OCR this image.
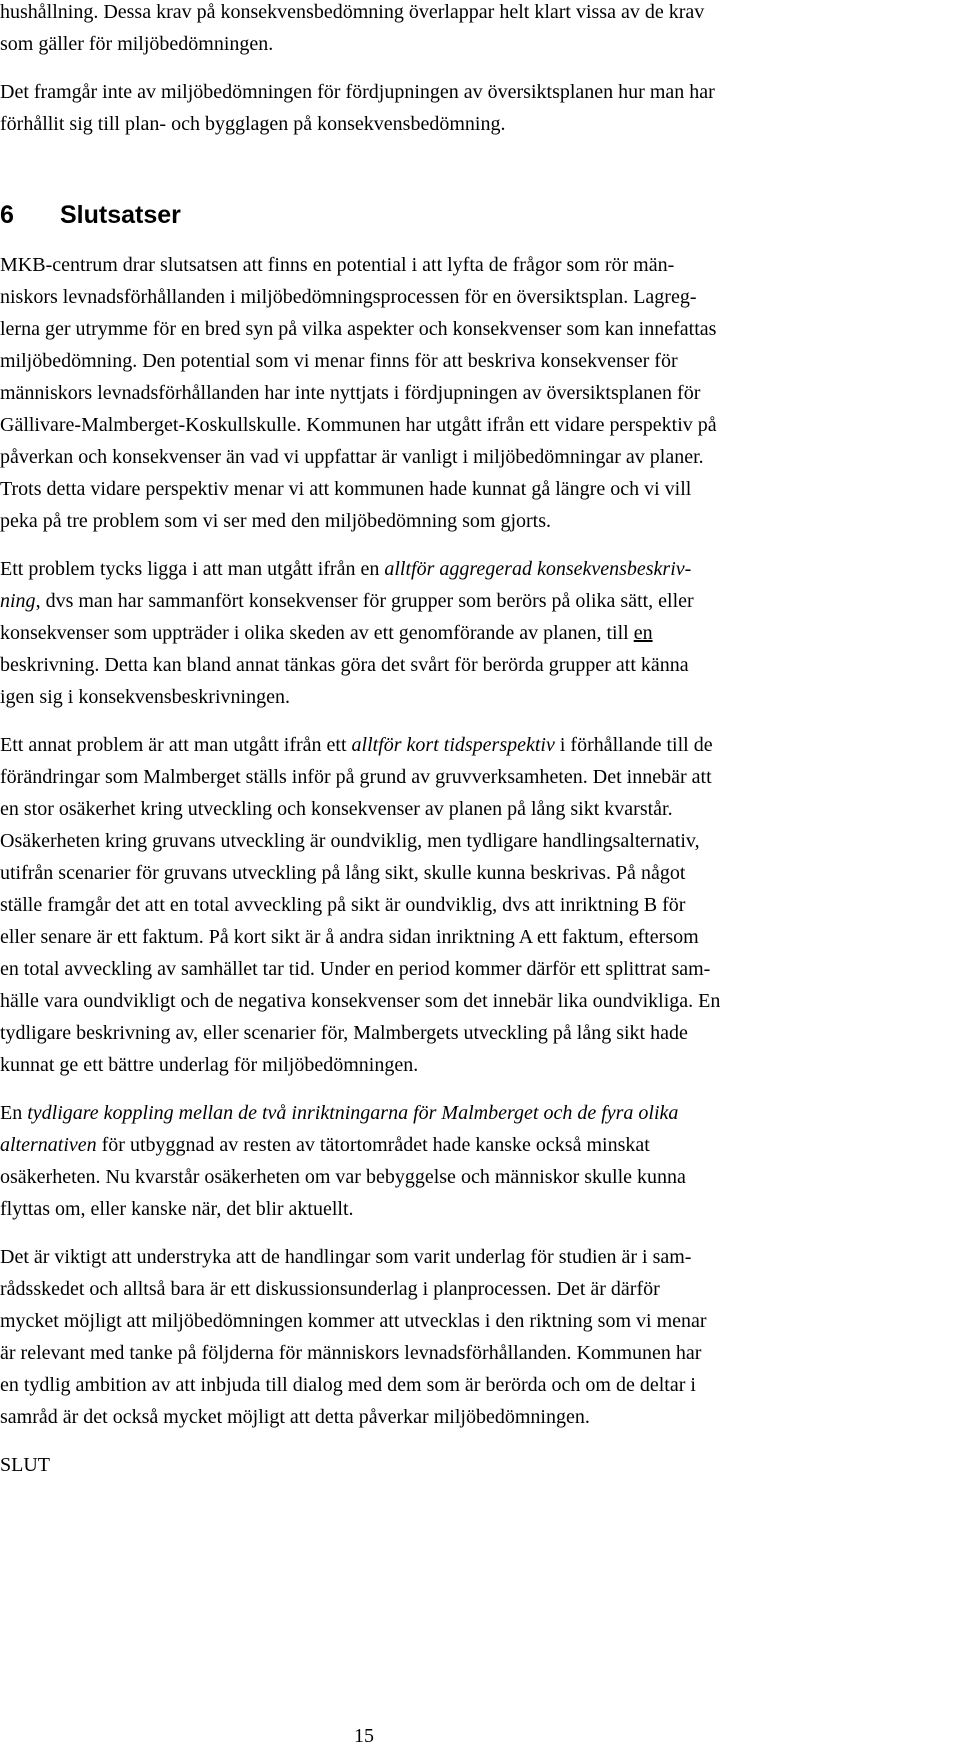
hushållning. Dessa krav på konsekvensbedömning överlappar helt klart vissa av de krav
som gäller för miljöbedömningen.
Det framgår inte av miljöbedömningen för fördjupningen av översiktsplanen hur man har
förhållit sig till plan- och bygglagen på konsekvensbedömning.
6 Slutsatser
MKB-centrum drar slutsatsen att finns en potential i att lyfta de frågor som rör män-
niskors levnadsförhållanden i miljöbedömningsprocessen för en översiktsplan. Lagreg-
lerna ger utrymme för en bred syn på vilka aspekter och konsekvenser som kan innefattas
miljöbedömning. Den potential som vi menar finns för att beskriva konsekvenser för
människors levnadsförhållanden har inte nyttjats i fördjupningen av översiktsplanen för
Gällivare-Malmberget-Koskullskulle. Kommunen har utgått ifrån ett vidare perspektiv på
påverkan och konsekvenser än vad vi uppfattar är vanligt i miljöbedömningar av planer.
Trots detta vidare perspektiv menar vi att kommunen hade kunnat gå längre och vi vill
peka på tre problem som vi ser med den miljöbedömning som gjorts.
Ett problem tycks ligga i att man utgått ifrån en alltför aggregerad konsekvensbeskriv-
ning, dvs man har sammanfört konsekvenser för grupper som berörs på olika sätt, eller
konsekvenser som uppträder i olika skeden av ett genomförande av planen, till en
beskrivning. Detta kan bland annat tänkas göra det svårt för berörda grupper att känna
igen sig i konsekvensbeskrivningen.
Ett annat problem är att man utgått ifrån ett alltför kort tidsperspektiv i förhållande till de
förändringar som Malmberget ställs inför på grund av gruvverksamheten. Det innebär att
en stor osäkerhet kring utveckling och konsekvenser av planen på lång sikt kvarstår.
Osäkerheten kring gruvans utveckling är oundviklig, men tydligare handlingsalternativ,
utifrån scenarier för gruvans utveckling på lång sikt, skulle kunna beskrivas. På något
ställe framgår det att en total avveckling på sikt är oundviklig, dvs att inriktning B för
eller senare är ett faktum. På kort sikt är å andra sidan inriktning A ett faktum, eftersom
en total avveckling av samhället tar tid. Under en period kommer därför ett splittrat sam-
hälle vara oundvikligt och de negativa konsekvenser som det innebär lika oundvikliga. En
tydligare beskrivning av, eller scenarier för, Malmbergets utveckling på lång sikt hade
kunnat ge ett bättre underlag för miljöbedömningen.
En tydligare koppling mellan de två inriktningarna för Malmberget och de fyra olika
alternativen för utbyggnad av resten av tätortområdet hade kanske också minskat
osäkerheten. Nu kvarstår osäkerheten om var bebyggelse och människor skulle kunna
flyttas om, eller kanske när, det blir aktuellt.
Det är viktigt att understryka att de handlingar som varit underlag för studien är i sam-
rådsskedet och alltså bara är ett diskussionsunderlag i planprocessen. Det är därför
mycket möjligt att miljöbedömningen kommer att utvecklas i den riktning som vi menar
är relevant med tanke på följderna för människors levnadsförhållanden. Kommunen har
en tydlig ambition av att inbjuda till dialog med dem som är berörda och om de deltar i
samråd är det också mycket möjligt att detta påverkar miljöbedömningen.
SLUT
15
